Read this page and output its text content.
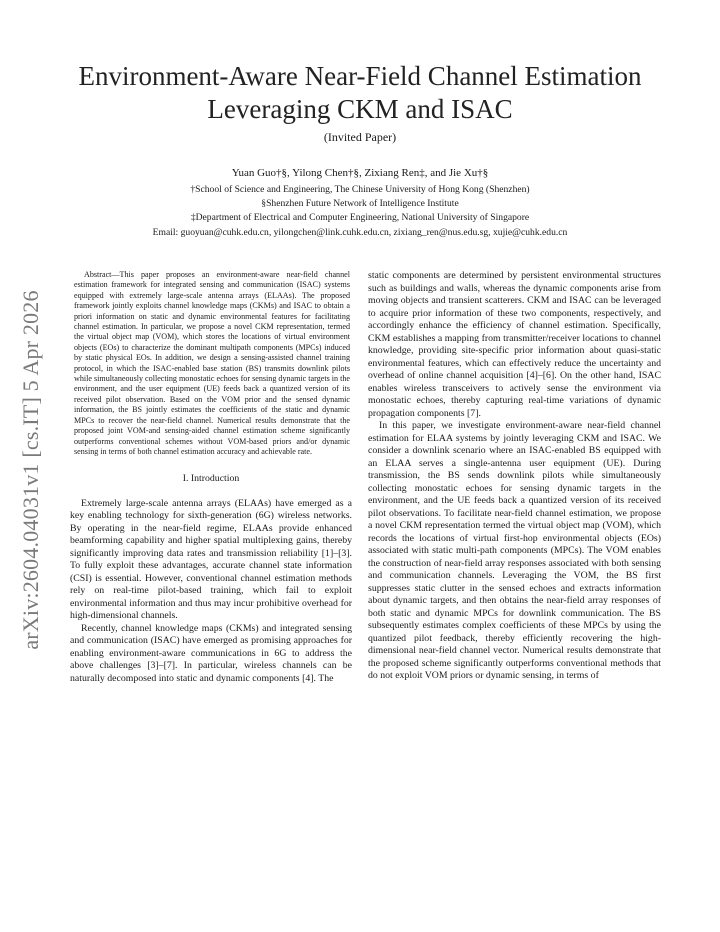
Environment-Aware Near-Field Channel Estimation
Leveraging CKM and ISAC
(Invited Paper)
Yuan Guo†§, Yilong Chen†§, Zixiang Ren‡, and Jie Xu†§
†School of Science and Engineering, The Chinese University of Hong Kong (Shenzhen)
§Shenzhen Future Network of Intelligence Institute
‡Department of Electrical and Computer Engineering, National University of Singapore
Email: guoyuan@cuhk.edu.cn, yilongchen@link.cuhk.edu.cn, zixiang_ren@nus.edu.sg, xujie@cuhk.edu.cn
arXiv:2604.04031v1 [cs.IT] 5 Apr 2026
Abstract—This paper proposes an environment-aware near-field channel estimation framework for integrated sensing and communication (ISAC) systems equipped with extremely large-scale antenna arrays (ELAAs). The proposed framework jointly exploits channel knowledge maps (CKMs) and ISAC to obtain a priori information on static and dynamic environmental features for facilitating channel estimation. In particular, we propose a novel CKM representation, termed the virtual object map (VOM), which stores the locations of virtual environment objects (EOs) to characterize the dominant multipath components (MPCs) induced by static physical EOs. In addition, we design a sensing-assisted channel training protocol, in which the ISAC-enabled base station (BS) transmits downlink pilots while simultaneously collecting monostatic echoes for sensing dynamic targets in the environment, and the user equipment (UE) feeds back a quantized version of its received pilot observation. Based on the VOM prior and the sensed dynamic information, the BS jointly estimates the coefficients of the static and dynamic MPCs to recover the near-field channel. Numerical results demonstrate that the proposed joint VOM-and sensing-aided channel estimation scheme significantly outperforms conventional schemes without VOM-based priors and/or dynamic sensing in terms of both channel estimation accuracy and achievable rate.
I. Introduction

Extremely large-scale antenna arrays (ELAAs) have emerged as a key enabling technology for sixth-generation (6G) wireless networks. By operating in the near-field regime, ELAAs provide enhanced beamforming capability and higher spatial multiplexing gains, thereby significantly improving data rates and transmission reliability [1]–[3]. To fully exploit these advantages, accurate channel state information (CSI) is essential. However, conventional channel estimation methods rely on real-time pilot-based training, which fail to exploit environmental information and thus may incur prohibitive overhead for high-dimensional channels.

Recently, channel knowledge maps (CKMs) and integrated sensing and communication (ISAC) have emerged as promising approaches for enabling environment-aware communications in 6G to address the above challenges [3]–[7]. In particular, wireless channels can be naturally decomposed into static and dynamic components [4]. The

static components are determined by persistent environmental structures such as buildings and walls, whereas the dynamic components arise from moving objects and transient scatterers. CKM and ISAC can be leveraged to acquire prior information of these two components, respectively, and accordingly enhance the efficiency of channel estimation. Specifically, CKM establishes a mapping from transmitter/receiver locations to channel knowledge, providing site-specific prior information about quasi-static environmental features, which can effectively reduce the uncertainty and overhead of online channel acquisition [4]–[6]. On the other hand, ISAC enables wireless transceivers to actively sense the environment via monostatic echoes, thereby capturing real-time variations of dynamic propagation components [7].

In this paper, we investigate environment-aware near-field channel estimation for ELAA systems by jointly leveraging CKM and ISAC. We consider a downlink scenario where an ISAC-enabled BS equipped with an ELAA serves a single-antenna user equipment (UE). During transmission, the BS sends downlink pilots while simultaneously collecting monostatic echoes for sensing dynamic targets in the environment, and the UE feeds back a quantized version of its received pilot observations. To facilitate near-field channel estimation, we propose a novel CKM representation termed the virtual object map (VOM), which records the locations of virtual first-hop environmental objects (EOs) associated with static multi-path components (MPCs). The VOM enables the construction of near-field array responses associated with both sensing and communication channels. Leveraging the VOM, the BS first suppresses static clutter in the sensed echoes and extracts information about dynamic targets, and then obtains the near-field array responses of both static and dynamic MPCs for downlink communication. The BS subsequently estimates complex coefficients of these MPCs by using the quantized pilot feedback, thereby efficiently recovering the high-dimensional near-field channel vector. Numerical results demonstrate that the proposed scheme significantly outperforms conventional methods that do not exploit VOM priors or dynamic sensing, in terms of
